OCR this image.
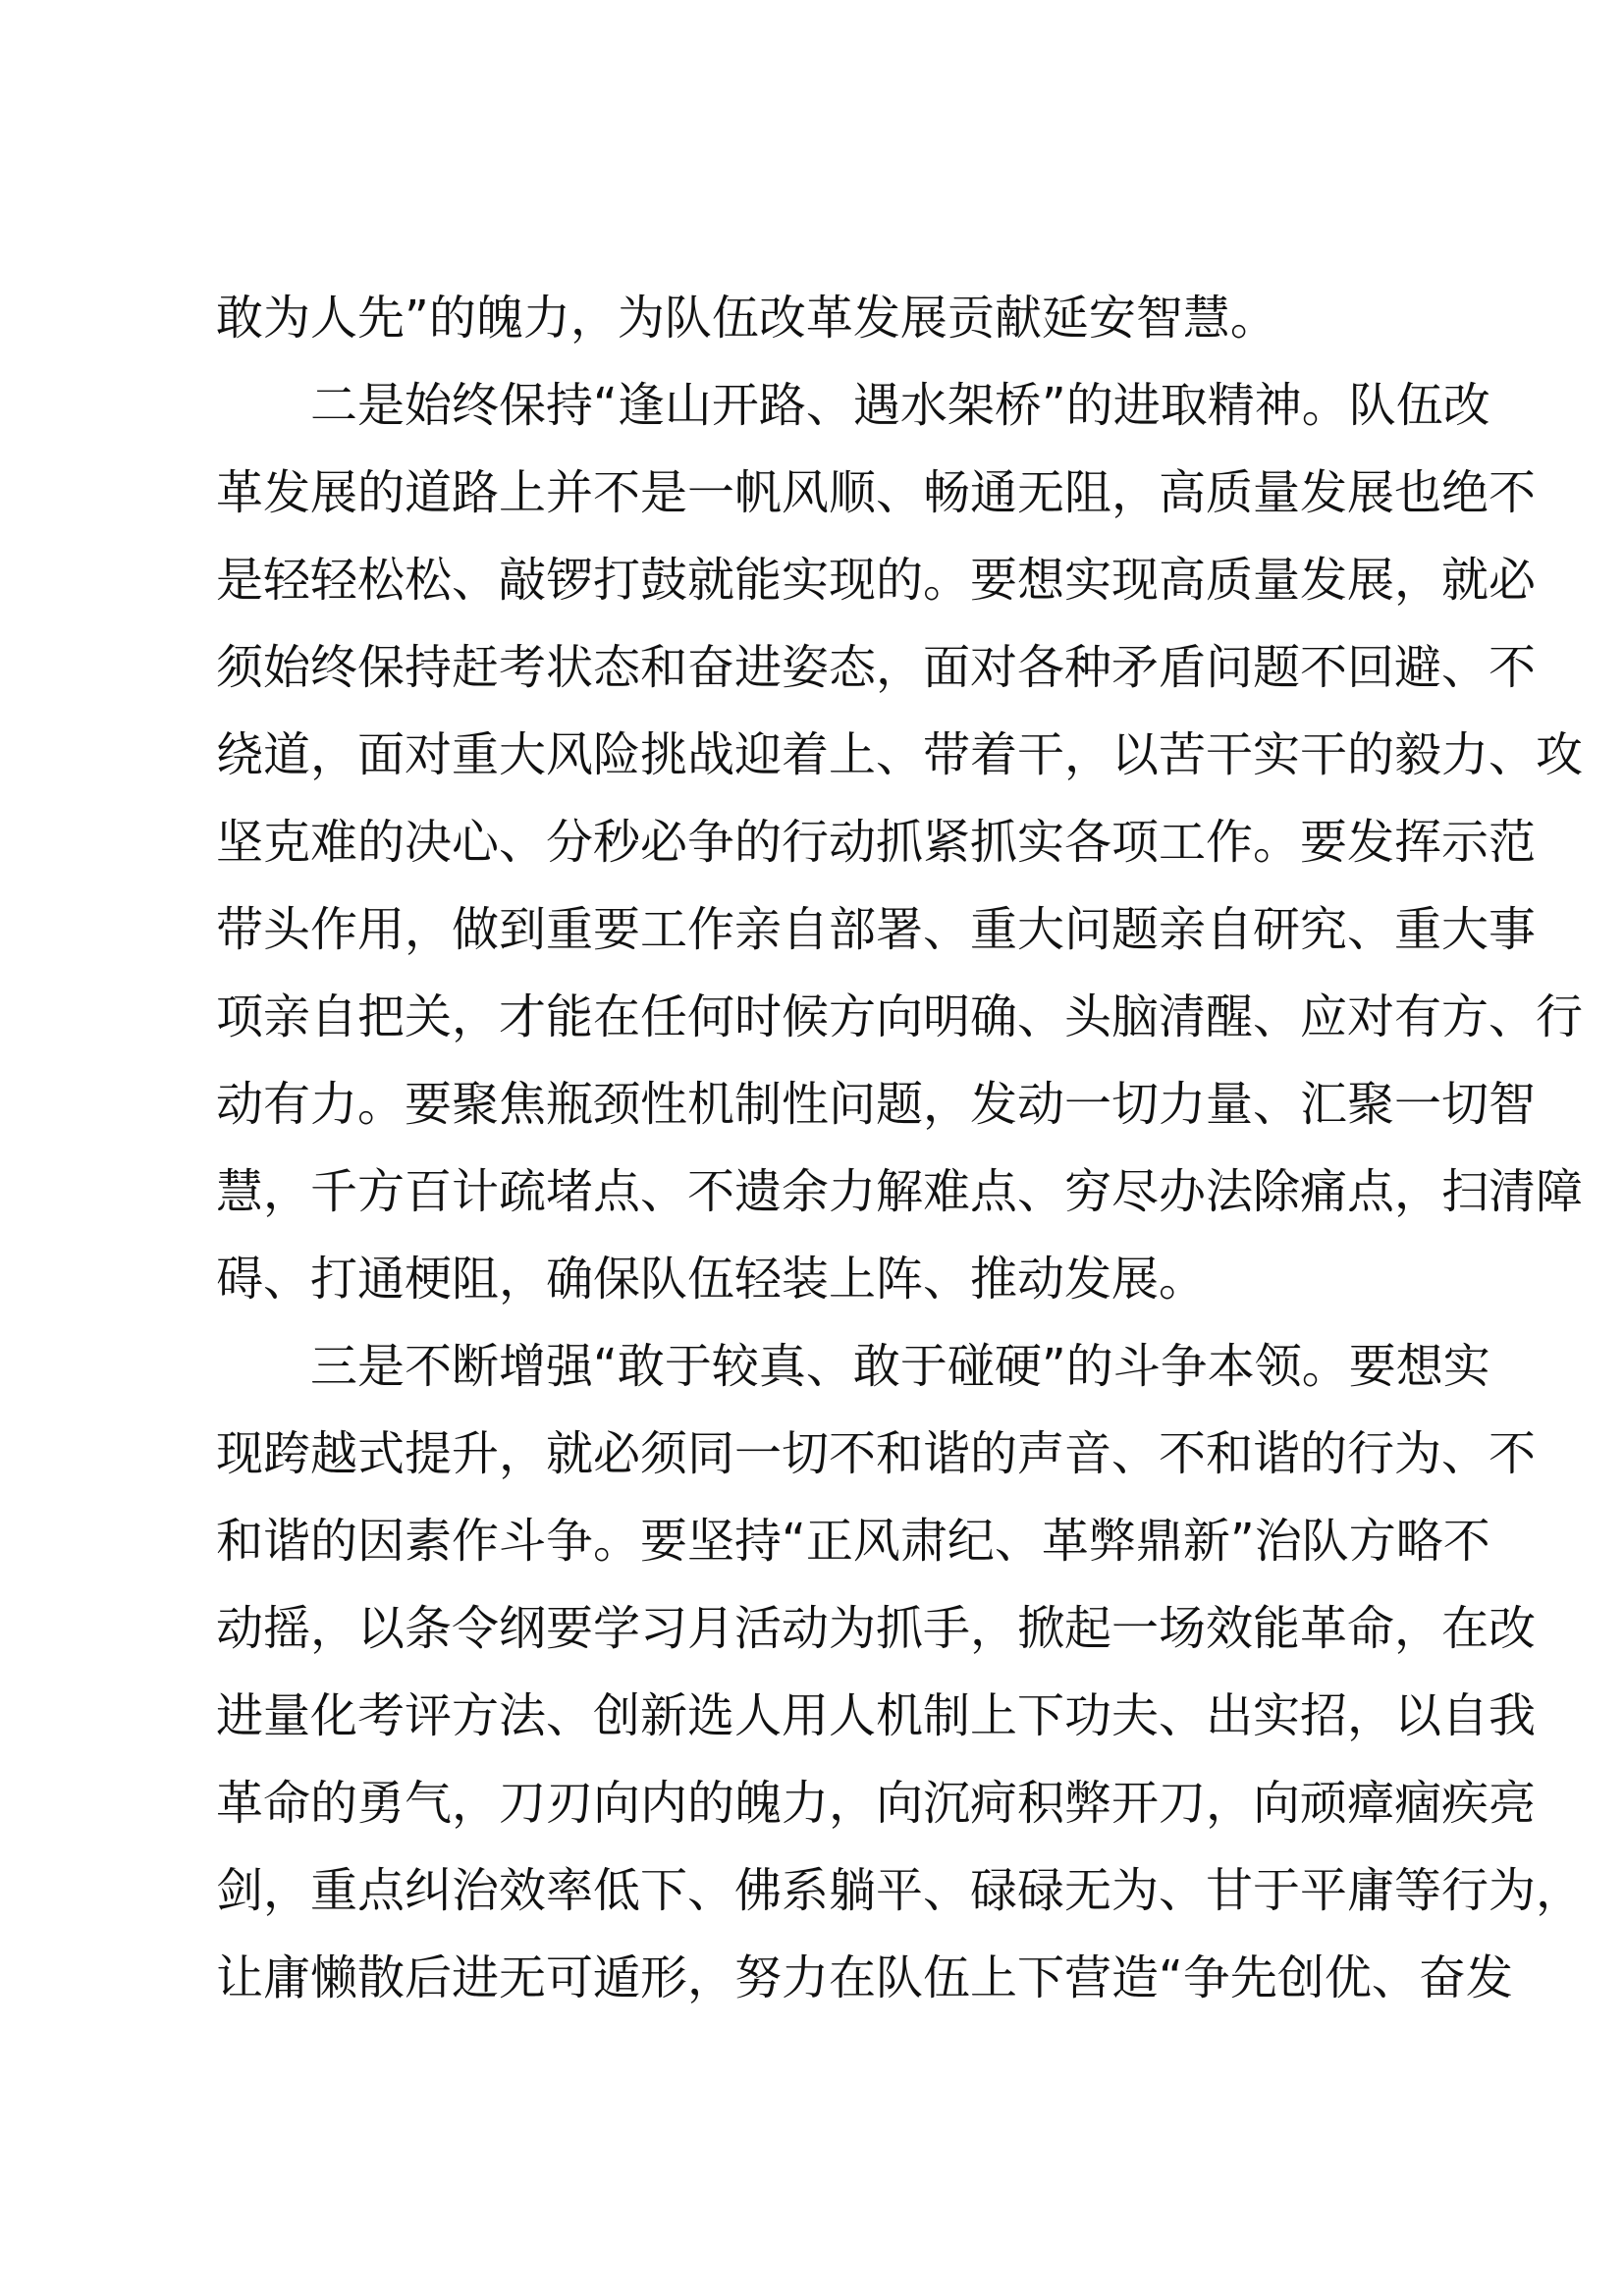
敢为人先”的魄力，为队伍改革发展贡献延安智慧。
二是始终保持“逢山开路、遇水架桥”的进取精神。队伍改
革发展的道路上并不是一帆风顺、畅通无阻，高质量发展也绝不
是轻轻松松、敲锣打鼓就能实现的。要想实现高质量发展，就必
须始终保持赶考状态和奋进姿态，面对各种矛盾问题不回避、不
绕道，面对重大风险挑战迎着上、带着干，以苦干实干的毅力、攻
坚克难的决心、分秒必争的行动抓紧抓实各项工作。要发挥示范
带头作用，做到重要工作亲自部署、重大问题亲自研究、重大事
项亲自把关，才能在任何时候方向明确、头脑清醒、应对有方、行
动有力。要聚焦瓶颈性机制性问题，发动一切力量、汇聚一切智
慧，千方百计疏堵点、不遗余力解难点、穷尽办法除痛点，扫清障
碍、打通梗阻，确保队伍轻装上阵、推动发展。
三是不断增强“敢于较真、敢于碰硬”的斗争本领。要想实
现跨越式提升，就必须同一切不和谐的声音、不和谐的行为、不
和谐的因素作斗争。要坚持“正风肃纪、革弊鼎新”治队方略不
动摇，以条令纲要学习月活动为抓手，掀起一场效能革命，在改
进量化考评方法、创新选人用人机制上下功夫、出实招，以自我
革命的勇气，刀刃向内的魄力，向沉疴积弊开刀，向顽瘴痼疾亮
剑，重点纠治效率低下、佛系躺平、碌碌无为、甘于平庸等行为，
让庸懒散后进无可遁形，努力在队伍上下营造“争先创优、奋发
